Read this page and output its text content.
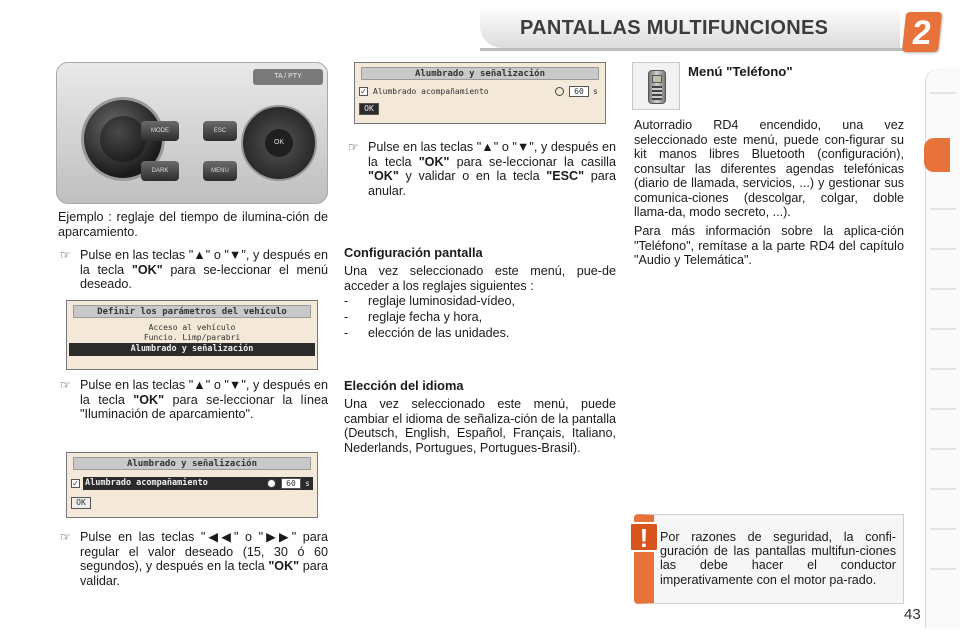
PANTALLAS MULTIFUNCIONES 2
TA / PTY
MODE
DARK
ESC
MENU
OK
Ejemplo : reglaje del tiempo de ilumina-ción de aparcamiento.
☞ Pulse en las teclas "▲" o "▼", y después en la tecla "OK" para se-leccionar el menú deseado.
Definir los parámetros del vehículo
Acceso al vehículo
Funcio. Limp/parabri
Alumbrado y señalización
☞ Pulse en las teclas "▲" o "▼", y después en la tecla "OK" para se-leccionar la línea "Iluminación de aparcamiento".
Alumbrado y señalización
✓ Alumbrado acompañamiento	60	s
OK
☞ Pulse en las teclas "◀◀" o "▶▶" para regular el valor deseado (15, 30 ó 60 segundos), y después en la tecla "OK" para validar.
Alumbrado y señalización
✓ Alumbrado acompañamiento	60	s
OK
☞ Pulse en las teclas "▲" o "▼", y después en la tecla "OK" para se-leccionar la casilla "OK" y validar o en la tecla "ESC" para anular.
Configuración pantalla
Una vez seleccionado este menú, pue-de acceder a los reglajes siguientes :
- reglaje luminosidad-vídeo,
- reglaje fecha y hora,
- elección de las unidades.
Elección del idioma
Una vez seleccionado este menú, puede cambiar el idioma de señaliza-ción de la pantalla (Deutsch, English, Español, Français, Italiano, Nederlands, Portugues, Portugues-Brasil).
Menú "Teléfono"
Autorradio RD4 encendido, una vez seleccionado este menú, puede con-figurar su kit manos libres Bluetooth (configuración), consultar las diferentes agendas telefónicas (diario de llamada, servicios, ...) y gestionar sus comunica-ciones (descolgar, colgar, doble llama-da, modo secreto, ...).
Para más información sobre la aplica-ción "Teléfono", remítase a la parte RD4 del capítulo "Audio y Telemática".
! Por razones de seguridad, la confi-guración de las pantallas multifun-ciones las debe hacer el conductor imperativamente con el motor pa-rado.
43
